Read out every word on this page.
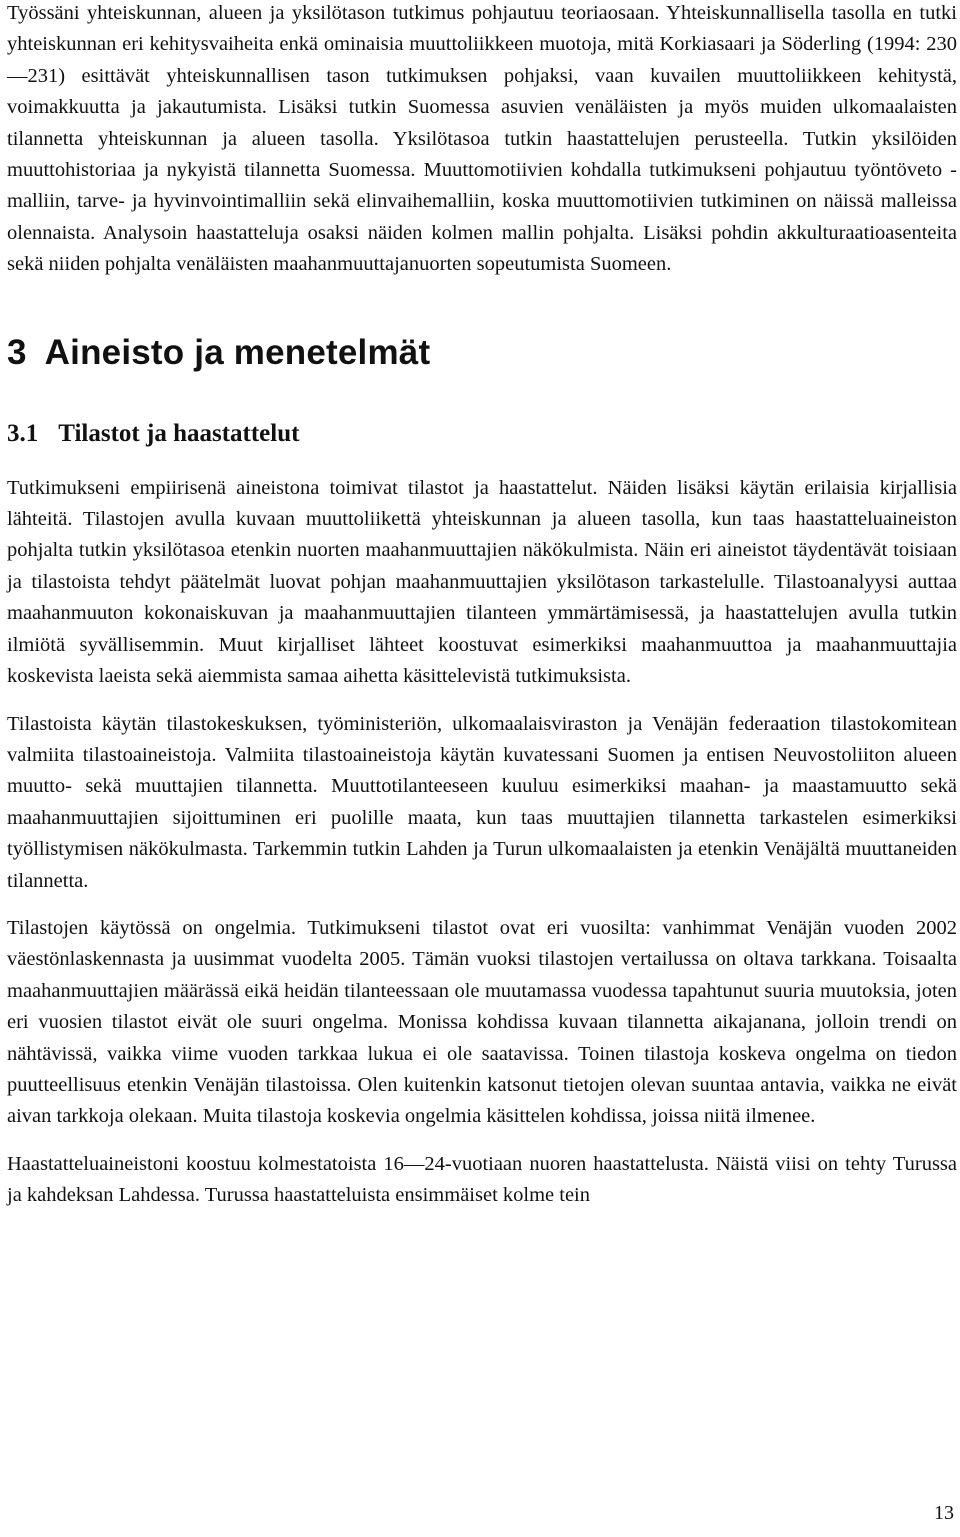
Työssäni yhteiskunnan, alueen ja yksilötason tutkimus pohjautuu teoriaosaan. Yhteiskunnallisella tasolla en tutki yhteiskunnan eri kehitysvaiheita enkä ominaisia muuttoliikkeen muotoja, mitä Korkiasaari ja Söderling (1994: 230—231) esittävät yhteiskunnallisen tason tutkimuksen pohjaksi, vaan kuvailen muuttoliikkeen kehitystä, voimakkuutta ja jakautumista. Lisäksi tutkin Suomessa asuvien venäläisten ja myös muiden ulkomaalaisten tilannetta yhteiskunnan ja alueen tasolla. Yksilötasoa tutkin haastattelujen perusteella. Tutkin yksilöiden muuttohistoriaa ja nykyistä tilannetta Suomessa. Muuttomotiivien kohdalla tutkimukseni pohjautuu työntöveto -malliin, tarve- ja hyvinvointimalliin sekä elinvaihemalliin, koska muuttomotiivien tutkiminen on näissä malleissa olennaista. Analysoin haastatteluja osaksi näiden kolmen mallin pohjalta. Lisäksi pohdin akkulturaatioasenteita sekä niiden pohjalta venäläisten maahanmuuttajanuorten sopeutumista Suomeen.

3 Aineisto ja menetelmät
3.1 Tilastot ja haastattelut

Tutkimukseni empiirisenä aineistona toimivat tilastot ja haastattelut. Näiden lisäksi käytän erilaisia kirjallisia lähteitä. Tilastojen avulla kuvaan muuttoliikettä yhteiskunnan ja alueen tasolla, kun taas haastatteluaineiston pohjalta tutkin yksilötasoa etenkin nuorten maahanmuuttajien näkökulmista. Näin eri aineistot täydentävät toisiaan ja tilastoista tehdyt päätelmät luovat pohjan maahanmuuttajien yksilötason tarkastelulle. Tilastoanalyysi auttaa maahanmuuton kokonaiskuvan ja maahanmuuttajien tilanteen ymmärtämisessä, ja haastattelujen avulla tutkin ilmiötä syvällisemmin. Muut kirjalliset lähteet koostuvat esimerkiksi maahanmuuttoa ja maahanmuuttajia koskevista laeista sekä aiemmista samaa aihetta käsittelevistä tutkimuksista.

Tilastoista käytän tilastokeskuksen, työministeriön, ulkomaalaisviraston ja Venäjän federaation tilastokomitean valmiita tilastoaineistoja. Valmiita tilastoaineistoja käytän kuvatessani Suomen ja entisen Neuvostoliiton alueen muutto- sekä muuttajien tilannetta. Muuttotilanteeseen kuuluu esimerkiksi maahan- ja maastamuutto sekä maahanmuuttajien sijoittuminen eri puolille maata, kun taas muuttajien tilannetta tarkastelen esimerkiksi työllistymisen näkökulmasta. Tarkemmin tutkin Lahden ja Turun ulkomaalaisten ja etenkin Venäjältä muuttaneiden tilannetta.

Tilastojen käytössä on ongelmia. Tutkimukseni tilastot ovat eri vuosilta: vanhimmat Venäjän vuoden 2002 väestönlaskennasta ja uusimmat vuodelta 2005. Tämän vuoksi tilastojen vertailussa on oltava tarkkana. Toisaalta maahanmuuttajien määrässä eikä heidän tilanteessaan ole muutamassa vuodessa tapahtunut suuria muutoksia, joten eri vuosien tilastot eivät ole suuri ongelma. Monissa kohdissa kuvaan tilannetta aikajanana, jolloin trendi on nähtävissä, vaikka viime vuoden tarkkaa lukua ei ole saatavissa. Toinen tilastoja koskeva ongelma on tiedon puutteellisuus etenkin Venäjän tilastoissa. Olen kuitenkin katsonut tietojen olevan suuntaa antavia, vaikka ne eivät aivan tarkkoja olekaan. Muita tilastoja koskevia ongelmia käsittelen kohdissa, joissa niitä ilmenee.

Haastatteluaineistoni koostuu kolmestatoista 16—24-vuotiaan nuoren haastattelusta. Näistä viisi on tehty Turussa ja kahdeksan Lahdessa. Turussa haastatteluista ensimmäiset kolme tein

13
